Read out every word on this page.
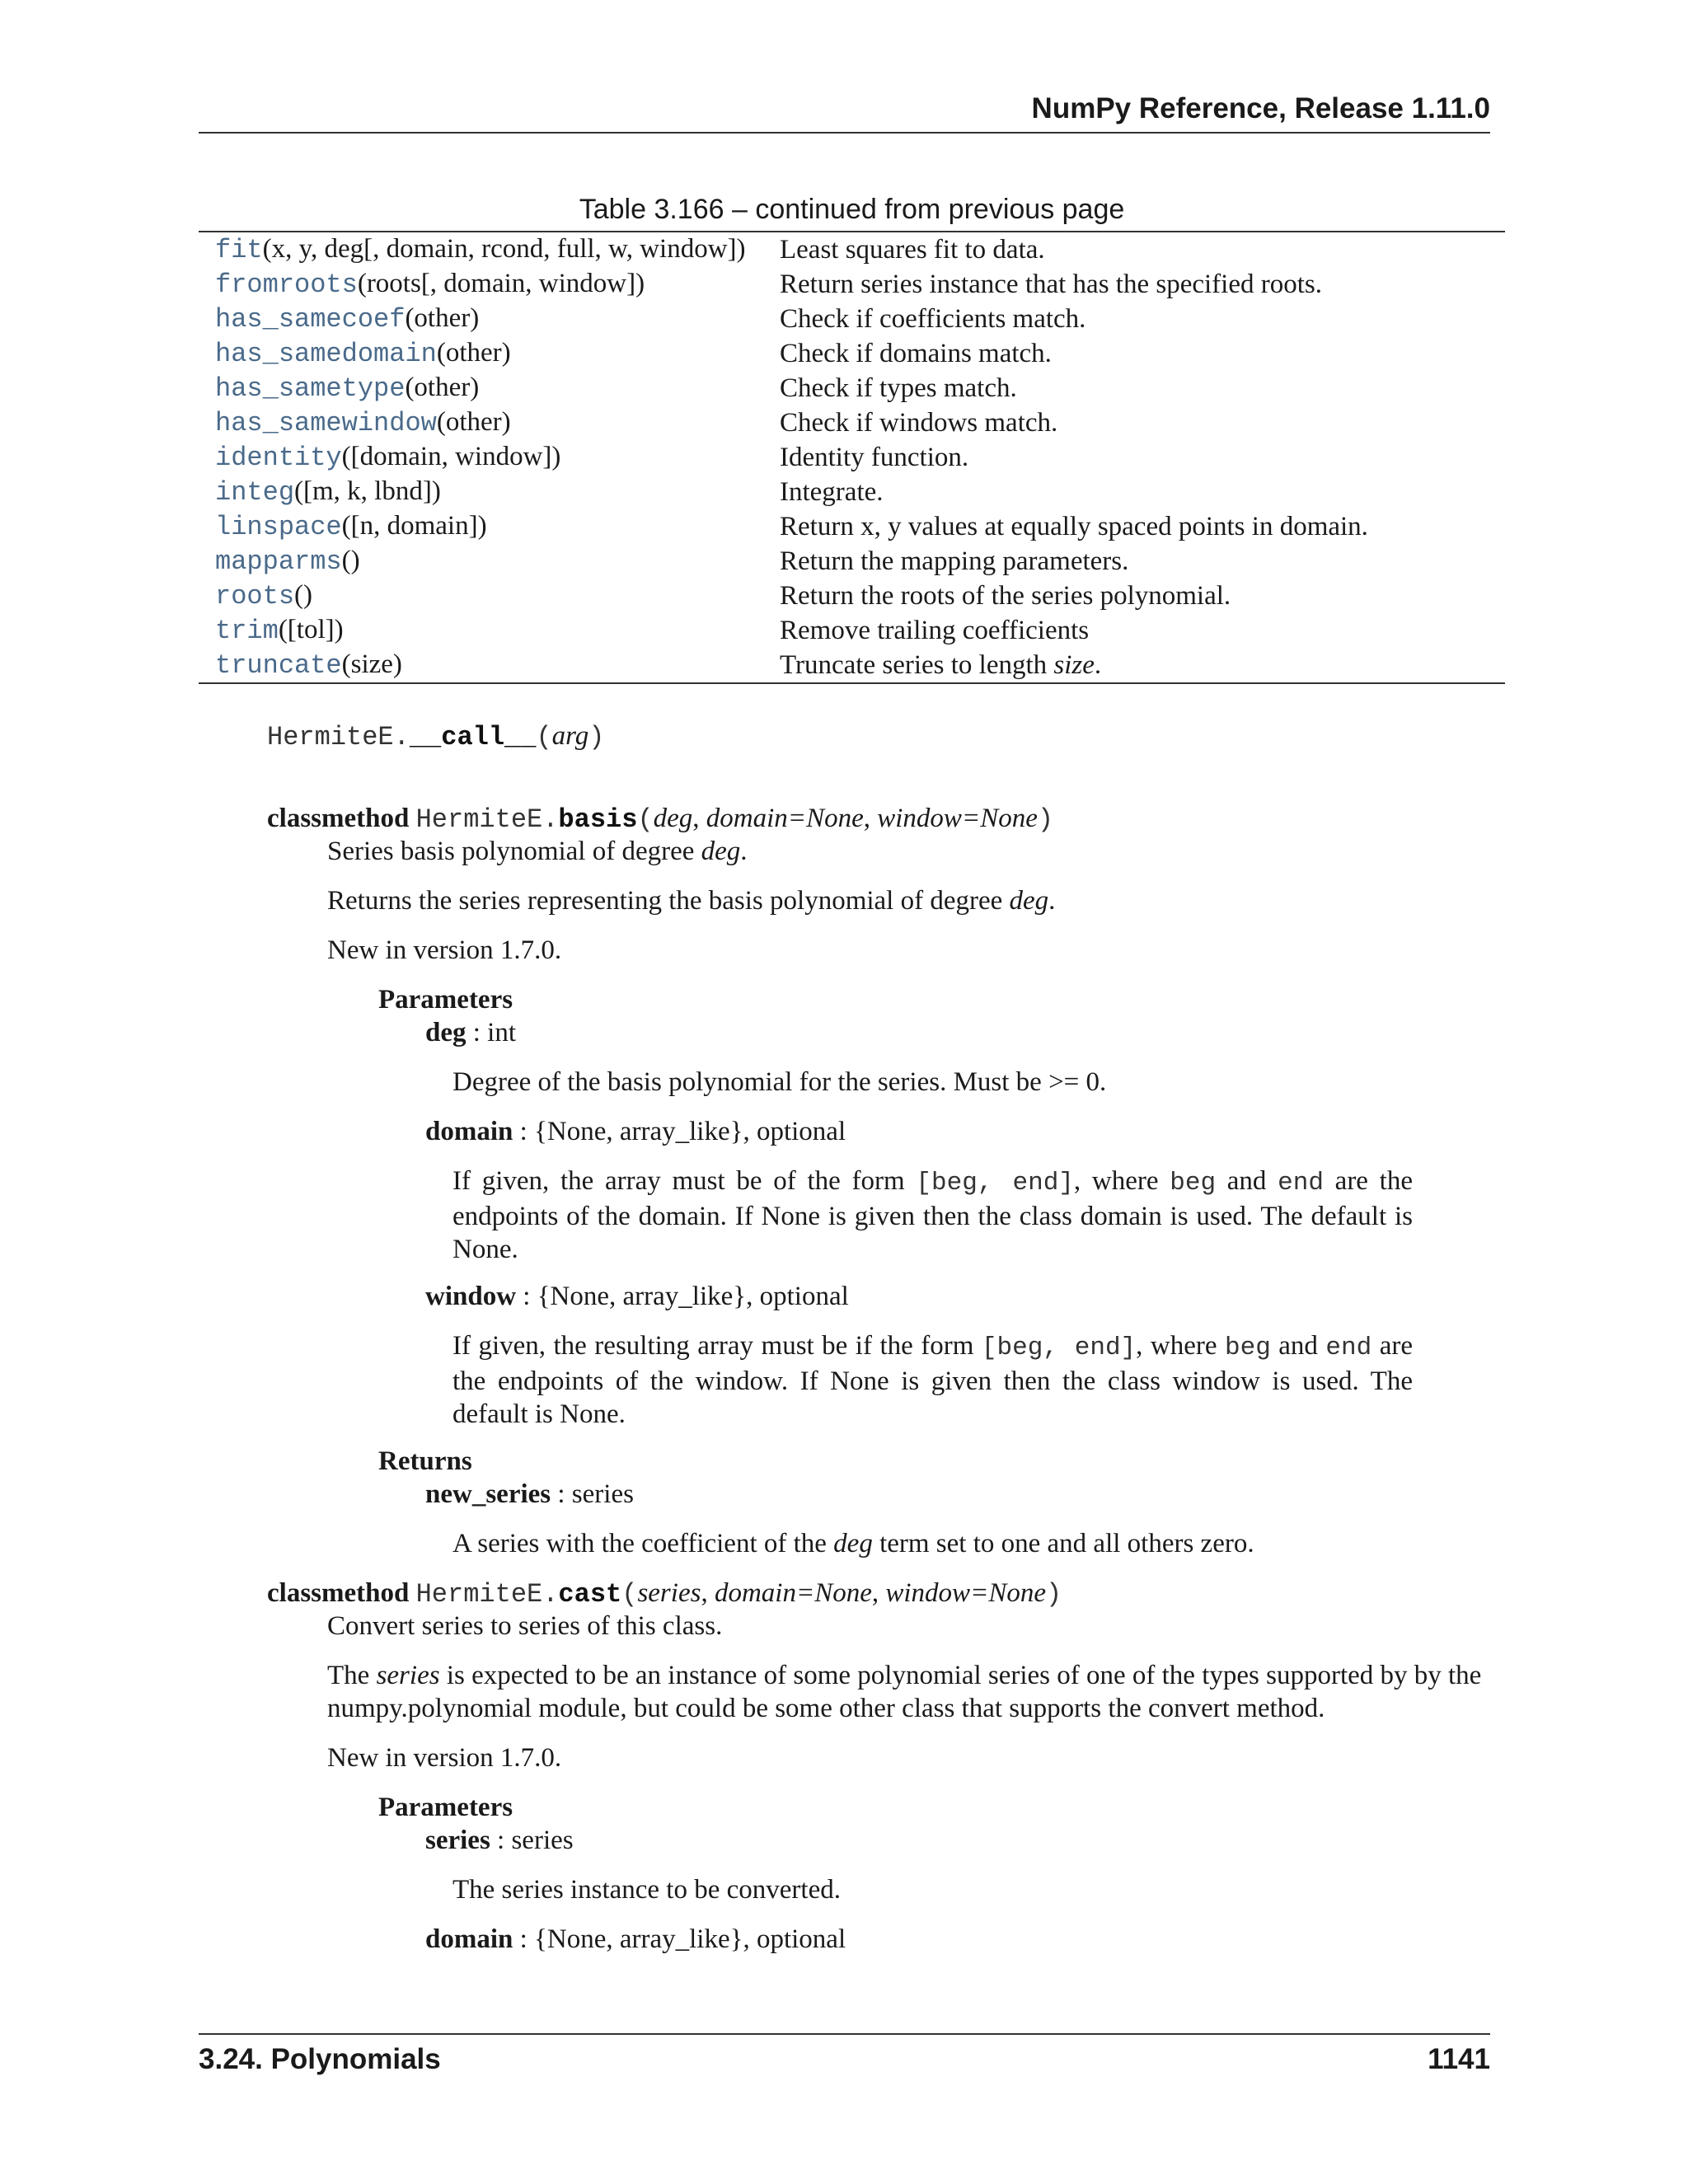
NumPy Reference, Release 1.11.0
Table 3.166 – continued from previous page
fit(x, y, deg[, domain, rcond, full, w, window])	Least squares fit to data.
fromroots(roots[, domain, window])	Return series instance that has the specified roots.
has_samecoef(other)	Check if coefficients match.
has_samedomain(other)	Check if domains match.
has_sametype(other)	Check if types match.
has_samewindow(other)	Check if windows match.
identity([domain, window])	Identity function.
integ([m, k, lbnd])	Integrate.
linspace([n, domain])	Return x, y values at equally spaced points in domain.
mapparms()	Return the mapping parameters.
roots()	Return the roots of the series polynomial.
trim([tol])	Remove trailing coefficients
truncate(size)	Truncate series to length size.
HermiteE.__call__(arg)
classmethod HermiteE.basis(deg, domain=None, window=None)
Series basis polynomial of degree deg.
Returns the series representing the basis polynomial of degree deg.
New in version 1.7.0.
Parameters
deg : int
Degree of the basis polynomial for the series. Must be >= 0.
domain : {None, array_like}, optional
If given, the array must be of the form [beg, end], where beg and end are the endpoints of the domain. If None is given then the class domain is used. The default is None.
window : {None, array_like}, optional
If given, the resulting array must be if the form [beg, end], where beg and end are the endpoints of the window. If None is given then the class window is used. The default is None.
Returns
new_series : series
A series with the coefficient of the deg term set to one and all others zero.
classmethod HermiteE.cast(series, domain=None, window=None)
Convert series to series of this class.
The series is expected to be an instance of some polynomial series of one of the types supported by by the numpy.polynomial module, but could be some other class that supports the convert method.
New in version 1.7.0.
Parameters
series : series
The series instance to be converted.
domain : {None, array_like}, optional
3.24. Polynomials	1141
